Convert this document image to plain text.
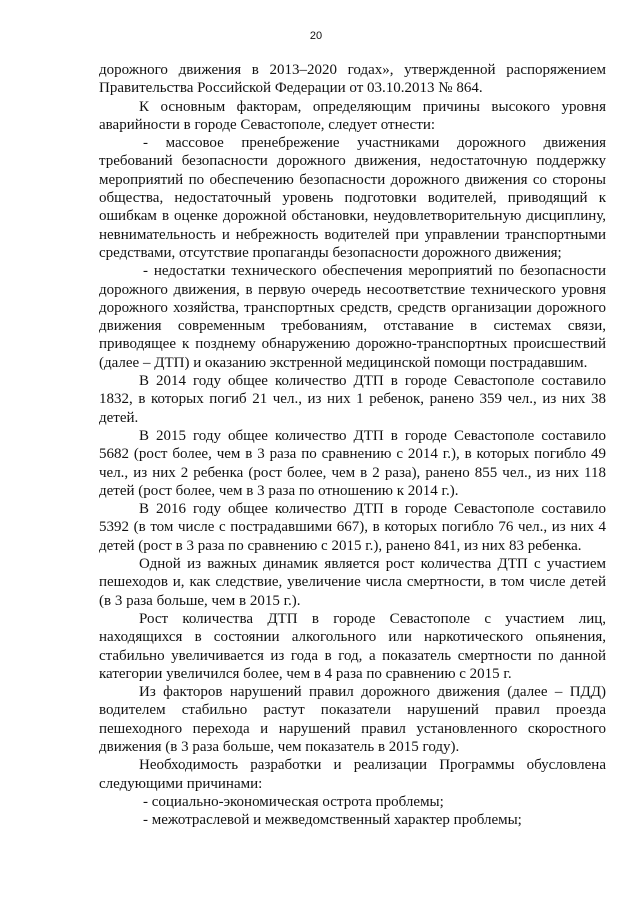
20

дорожного движения в 2013–2020 годах», утвержденной распоряжением Правительства Российской Федерации от 03.10.2013 № 864.

К основным факторам, определяющим причины высокого уровня аварийности в городе Севастополе, следует отнести:

- массовое пренебрежение участниками дорожного движения требований безопасности дорожного движения, недостаточную поддержку мероприятий по обеспечению безопасности дорожного движения со стороны общества, недостаточный уровень подготовки водителей, приводящий к ошибкам в оценке дорожной обстановки, неудовлетворительную дисциплину, невнимательность и небрежность водителей при управлении транспортными средствами, отсутствие пропаганды безопасности дорожного движения;

- недостатки технического обеспечения мероприятий по безопасности дорожного движения, в первую очередь несоответствие технического уровня дорожного хозяйства, транспортных средств, средств организации дорожного движения современным требованиям, отставание в системах связи, приводящее к позднему обнаружению дорожно-транспортных происшествий (далее – ДТП) и оказанию экстренной медицинской помощи пострадавшим.

В 2014 году общее количество ДТП в городе Севастополе составило 1832, в которых погиб 21 чел., из них 1 ребенок, ранено 359 чел., из них 38 детей.

В 2015 году общее количество ДТП в городе Севастополе составило 5682 (рост более, чем в 3 раза по сравнению с 2014 г.), в которых погибло 49 чел., из них 2 ребенка (рост более, чем в 2 раза), ранено 855 чел., из них 118 детей (рост более, чем в 3 раза по отношению к 2014 г.).

В 2016 году общее количество ДТП в городе Севастополе составило 5392 (в том числе с пострадавшими 667), в которых погибло 76 чел., из них 4 детей (рост в 3 раза по сравнению с 2015 г.), ранено 841, из них 83 ребенка.

Одной из важных динамик является рост количества ДТП с участием пешеходов и, как следствие, увеличение числа смертности, в том числе детей (в 3 раза больше, чем в 2015 г.).

Рост количества ДТП в городе Севастополе с участием лиц, находящихся в состоянии алкогольного или наркотического опьянения, стабильно увеличивается из года в год, а показатель смертности по данной категории увеличился более, чем в 4 раза по сравнению с 2015 г.

Из факторов нарушений правил дорожного движения (далее – ПДД) водителем стабильно растут показатели нарушений правил проезда пешеходного перехода и нарушений правил установленного скоростного движения (в 3 раза больше, чем показатель в 2015 году).

Необходимость разработки и реализации Программы обусловлена следующими причинами:

- социально-экономическая острота проблемы;

- межотраслевой и межведомственный характер проблемы;
